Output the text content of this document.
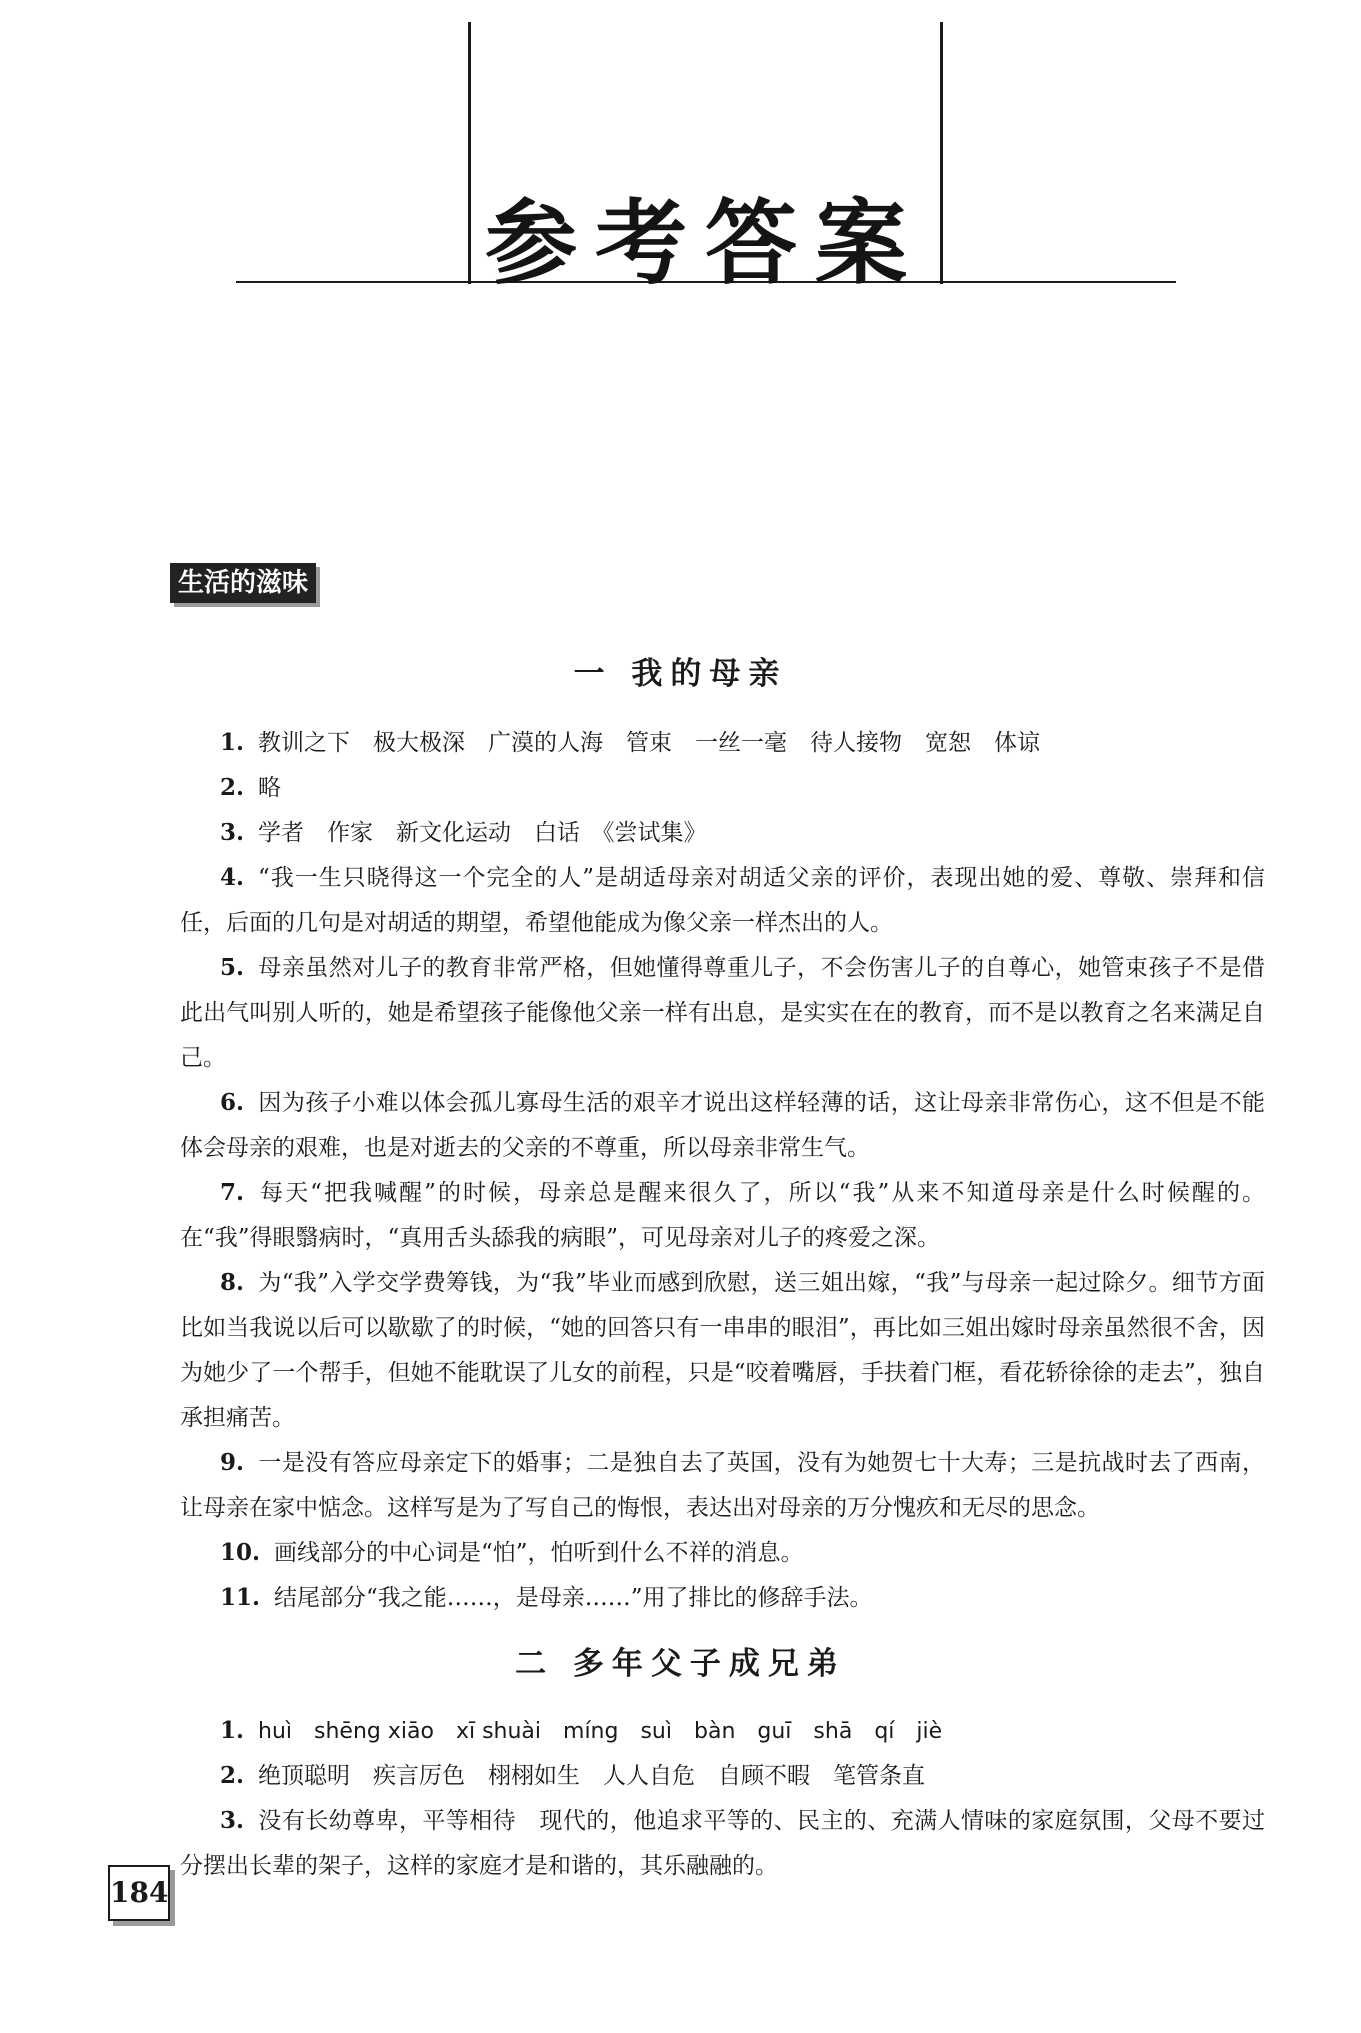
参考答案
生活的滋味
一 我的母亲
1. 教训之下　极大极深　广漠的人海　管束　一丝一毫　待人接物　宽恕　体谅
2. 略
3. 学者　作家　新文化运动　白话　《尝试集》
4. “我一生只晓得这一个完全的人”是胡适母亲对胡适父亲的评价，表现出她的爱、尊敬、崇拜和信任，后面的几句是对胡适的期望，希望他能成为像父亲一样杰出的人。
5. 母亲虽然对儿子的教育非常严格，但她懂得尊重儿子，不会伤害儿子的自尊心，她管束孩子不是借此出气叫别人听的，她是希望孩子能像他父亲一样有出息，是实实在在的教育，而不是以教育之名来满足自己。
6. 因为孩子小难以体会孤儿寡母生活的艰辛才说出这样轻薄的话，这让母亲非常伤心，这不但是不能体会母亲的艰难，也是对逝去的父亲的不尊重，所以母亲非常生气。
7. 每天“把我喊醒”的时候，母亲总是醒来很久了，所以“我”从来不知道母亲是什么时候醒的。在“我”得眼翳病时，“真用舌头舔我的病眼”，可见母亲对儿子的疼爱之深。
8. 为“我”入学交学费筹钱，为“我”毕业而感到欣慰，送三姐出嫁，“我”与母亲一起过除夕。细节方面比如当我说以后可以歇歇了的时候，“她的回答只有一串串的眼泪”，再比如三姐出嫁时母亲虽然很不舍，因为她少了一个帮手，但她不能耽误了儿女的前程，只是“咬着嘴唇，手扶着门框，看花轿徐徐的走去”，独自承担痛苦。
9. 一是没有答应母亲定下的婚事；二是独自去了英国，没有为她贺七十大寿；三是抗战时去了西南，让母亲在家中惦念。这样写是为了写自己的悔恨，表达出对母亲的万分愧疚和无尽的思念。
10. 画线部分的中心词是“怕”，怕听到什么不祥的消息。
11. 结尾部分“我之能……，是母亲……”用了排比的修辞手法。
二 多年父子成兄弟
1. huì shēng xiāo xī shuài míng suì bàn guī shā qí jiè
2. 绝顶聪明　疾言厉色　栩栩如生　人人自危　自顾不暇　笔管条直
3. 没有长幼尊卑，平等相待　现代的，他追求平等的、民主的、充满人情味的家庭氛围，父母不要过分摆出长辈的架子，这样的家庭才是和谐的，其乐融融的。
184
